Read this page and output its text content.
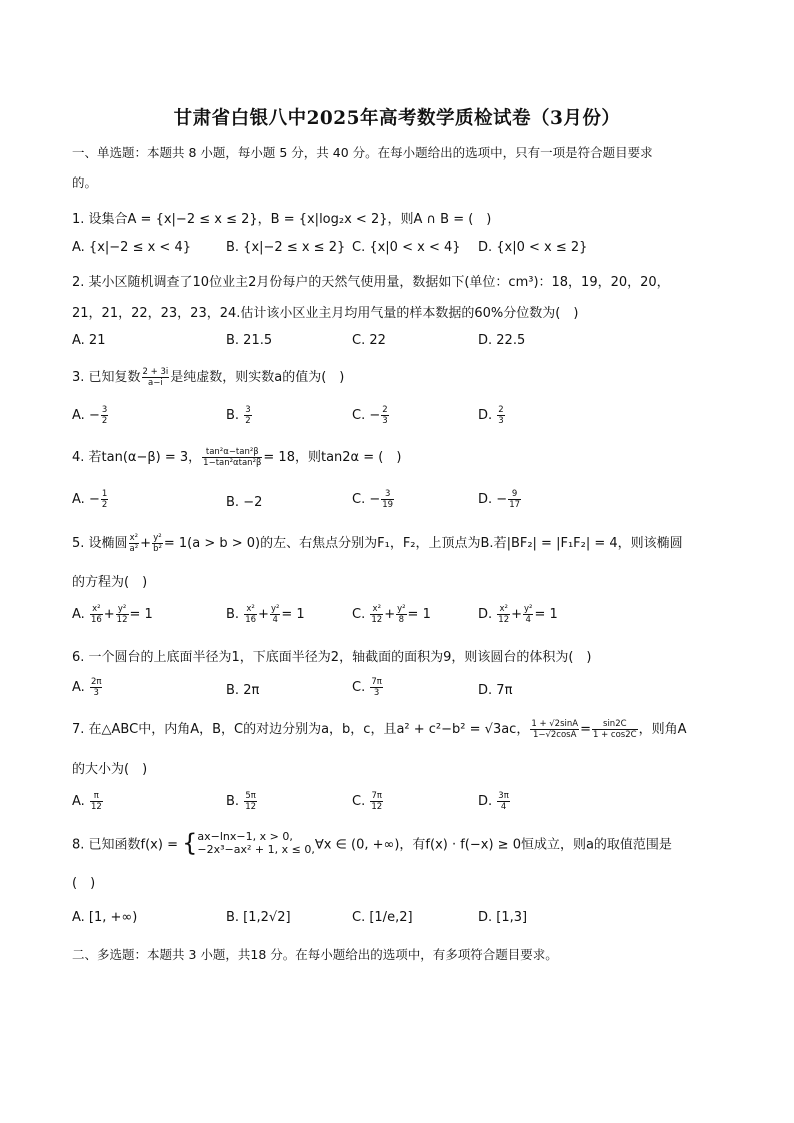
甘肃省白银八中2025年高考数学质检试卷（3月份）
一、单选题：本题共 8 小题，每小题 5 分，共 40 分。在每小题给出的选项中，只有一项是符合题目要求
的。
1. 设集合A = {x|−2 ≤ x ≤ 2}，B = {x|log₂x < 2}，则A ∩ B = (　)
A. {x|−2 ≤ x < 4}	B. {x|−2 ≤ x ≤ 2} C. {x|0 < x < 4} D. {x|0 < x ≤ 2}
2. 某小区随机调查了10位业主2月份每户的天然气使用量，数据如下(单位：cm³)：18，19，20，20，
21，21，22，23，23，24.估计该小区业主月均用气量的样本数据的60%分位数为(　)
A. 21	B. 21.5	C. 22	D. 22.5
3. 已知复数 $\frac{2 + 3i}{a-i}$ 是纯虚数，则实数a的值为(　)
A. − $\frac{3}{2}$	B. $\frac{3}{2}$	C. − $\frac{2}{3}$	D. $\frac{2}{3}$
4. 若tan(α−β) = 3， $\frac{\text{tan²α−tan²β}}{\text{1−tan²αtan²β}} = 18$，则tan2α = (　)
A. − $\frac{1}{2}$	B. −2	C. − $\frac{3}{19}$	D. − $\frac{9}{17}$
5. 设椭圆 $\frac{\text{x²}}{\text{a²}} + \frac{\text{y²}}{\text{b²}} = 1(a > b > 0)$的左、右焦点分别为F₁，F₂，上顶点为B.若|BF₂| = |F₁F₂| = 4，则该椭圆
的方程为(　)
A. $\frac{\text{x²}}{16} + \frac{\text{y²}}{12} = 1$	B. $\frac{\text{x²}}{16} + \frac{\text{y²}}{4} = 1$	C. $\frac{\text{x²}}{12} + \frac{\text{y²}}{8} = 1$	D. $\frac{\text{x²}}{12} + \frac{\text{y²}}{4} = 1$
6. 一个圆台的上底面半径为1，下底面半径为2，轴截面的面积为9，则该圆台的体积为(　)
A. $\frac{2\pi}{3}$	B. 2π	C. $\frac{7\pi}{3}$	D. 7π
7. 在△ABC中，内角A，B，C的对边分别为a，b，c，且a² + c²−b² = √3ac， $\frac{1 + √2\sin A}{1-√2\cos A} = \frac{\sin 2C}{1 + \cos 2C}$ ，则角A
的大小为(　)
A. $\frac{\pi}{12}$	B. $\frac{5\pi}{12}$	C. $\frac{7\pi}{12}$	D. $\frac{3\pi}{4}$
8. 已知函数f(x) = { ax−lnx−1, x > 0,
−2x³−ax² + 1, x ≤ 0, ∀x ∈ (0, +∞)，有f(x) · f(−x) ≥ 0恒成立，则a的取值范围是
(　)
A. [1, +∞)	B. [1,2√2]	C. [1/e,2]	D. [1,3]
二、多选题：本题共 3 小题，共18 分。在每小题给出的选项中，有多项符合题目要求。
